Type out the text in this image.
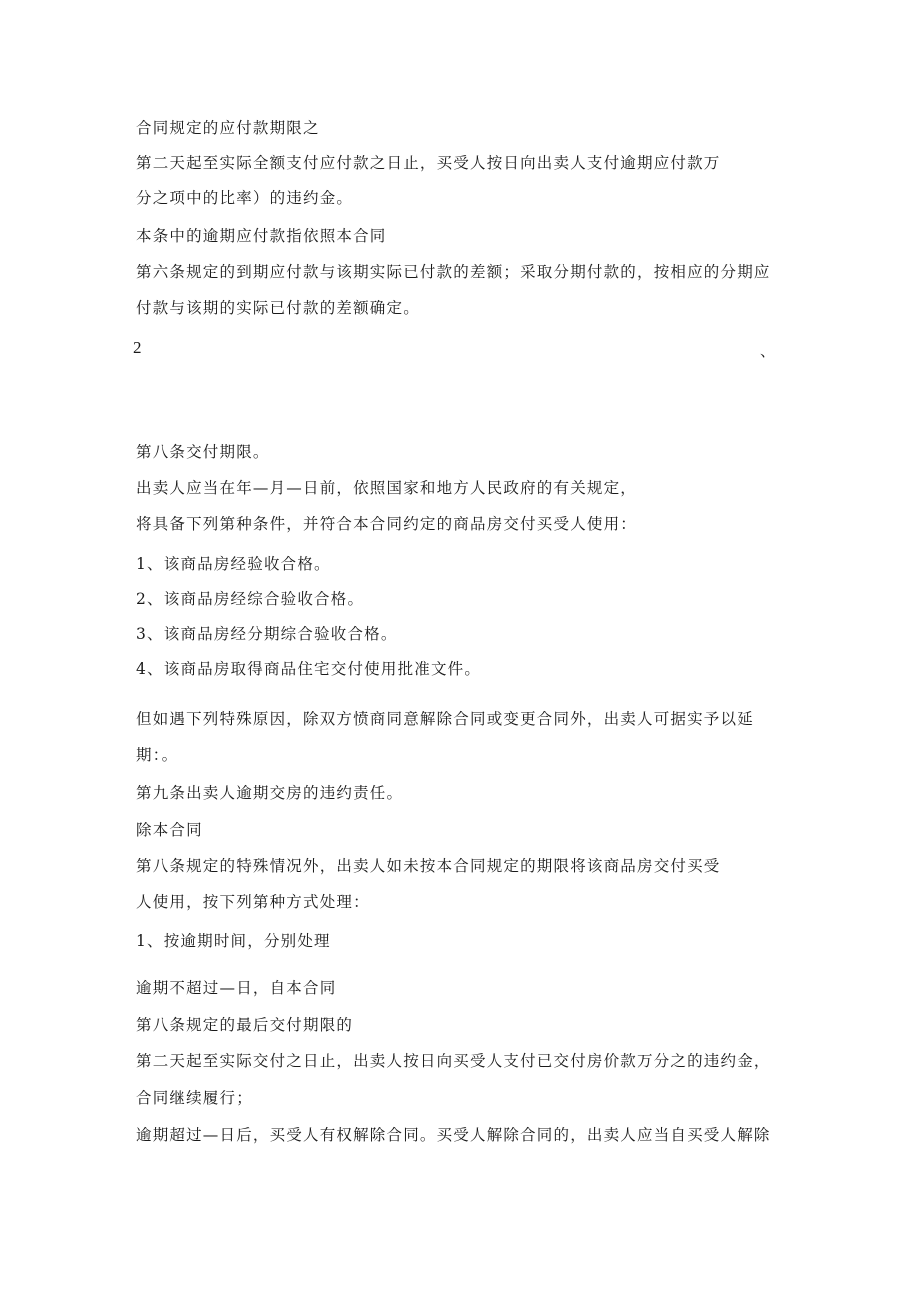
合同规定的应付款期限之
第二天起至实际全额支付应付款之日止，买受人按日向出卖人支付逾期应付款万
分之项中的比率）的违约金。
本条中的逾期应付款指依照本合同
第六条规定的到期应付款与该期实际已付款的差额；采取分期付款的，按相应的分期应
付款与该期的实际已付款的差额确定。
2	、
第八条交付期限。
出卖人应当在年—月—日前，依照国家和地方人民政府的有关规定，
将具备下列第种条件，并符合本合同约定的商品房交付买受人使用：
1、该商品房经验收合格。
2、该商品房经综合验收合格。
3、该商品房经分期综合验收合格。
4、该商品房取得商品住宅交付使用批准文件。
但如遇下列特殊原因，除双方愤商同意解除合同或变更合同外，出卖人可据实予以延
期：。
第九条出卖人逾期交房的违约责任。
除本合同
第八条规定的特殊情况外，出卖人如未按本合同规定的期限将该商品房交付买受
人使用，按下列第种方式处理：
1、按逾期时间，分别处理
逾期不超过—日，自本合同
第八条规定的最后交付期限的
第二天起至实际交付之日止，出卖人按日向买受人支付已交付房价款万分之的违约金，
合同继续履行；
逾期超过—日后，买受人有权解除合同。买受人解除合同的，出卖人应当自买受人解除
